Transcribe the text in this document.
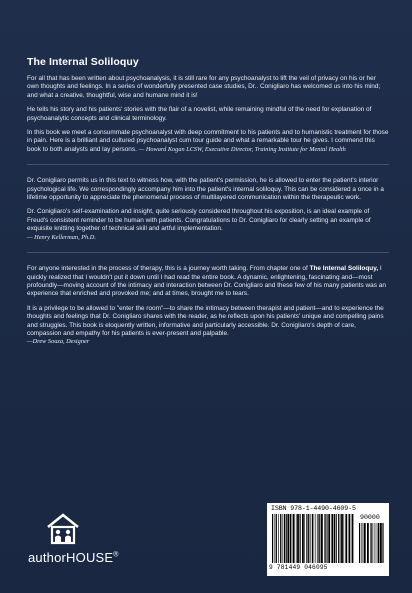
The Internal Soliloquy

For all that has been written about psychoanalysis, it is still rare for any psychoanalyst to lift the veil of privacy on his or her own thoughts and feelings. In a series of wonderfully presented case studies, Dr.. Conigliaro has welcomed us into his mind; and what a creative, thoughtful, wise and humane mind it is!

He tells his story and his patients' stories with the flair of a novelist, while remaining mindful of the need for explanation of psychoanalytic concepts and clinical terminology.

In this book we meet a consummate psychoanalyst with deep commitment to his patients and to humanistic treatment for those in pain. Here is a brilliant and cultured psychoanalyst cum tour guide and what a remarkable tour he gives. I commend this book to both analysts and lay persons. — Howard Kogan LCSW, Executive Director, Training Institute for Mental Health

Dr. Conigliaro permits us in this text to witness how, with the patient's permission, he is allowed to enter the patient's interior psychological life. We correspondingly accompany him into the patient's internal soliloquy. This can be considered a once in a lifetime opportunity to appreciate the phenomenal process of multilayered communication within the therapeutic work.

Dr. Conigliaro's self-examination and insight, quite seriously considered throughout his exposition, is an ideal example of Freud's consistent reminder to be human with patients. Congratulations to Dr. Conigliaro for clearly setting an example of exquisite knitting together of technical skill and artful implementation.
— Henry Kellerman, Ph.D.

For anyone interested in the process of therapy, this is a journey worth taking. From chapter one of The Internal Soliloquy, I quickly realized that I wouldn't put it down until I had read the entire book. A dynamic, enlightening, fascinating and—most profoundly—moving account of the intimacy and interaction between Dr. Conigliaro and these few of his many patients was an experience that enriched and provoked me; and at times, brought me to tears.

It is a privilege to be allowed to "enter the room"—to share the intimacy between therapist and patient—and to experience the thoughts and feelings that Dr. Conigliaro shares with the reader, as he reflects upon his patients' unique and compelling pains and struggles. This book is eloquently written, informative and particularly accessible. Dr. Conigliaro's depth of care, compassion and empathy for his patients is ever-present and palpable.
—Drew Souza, Designer

authorHOUSE®
ISBN 978-1-4490-4609-5
90000
9 781449 046095
